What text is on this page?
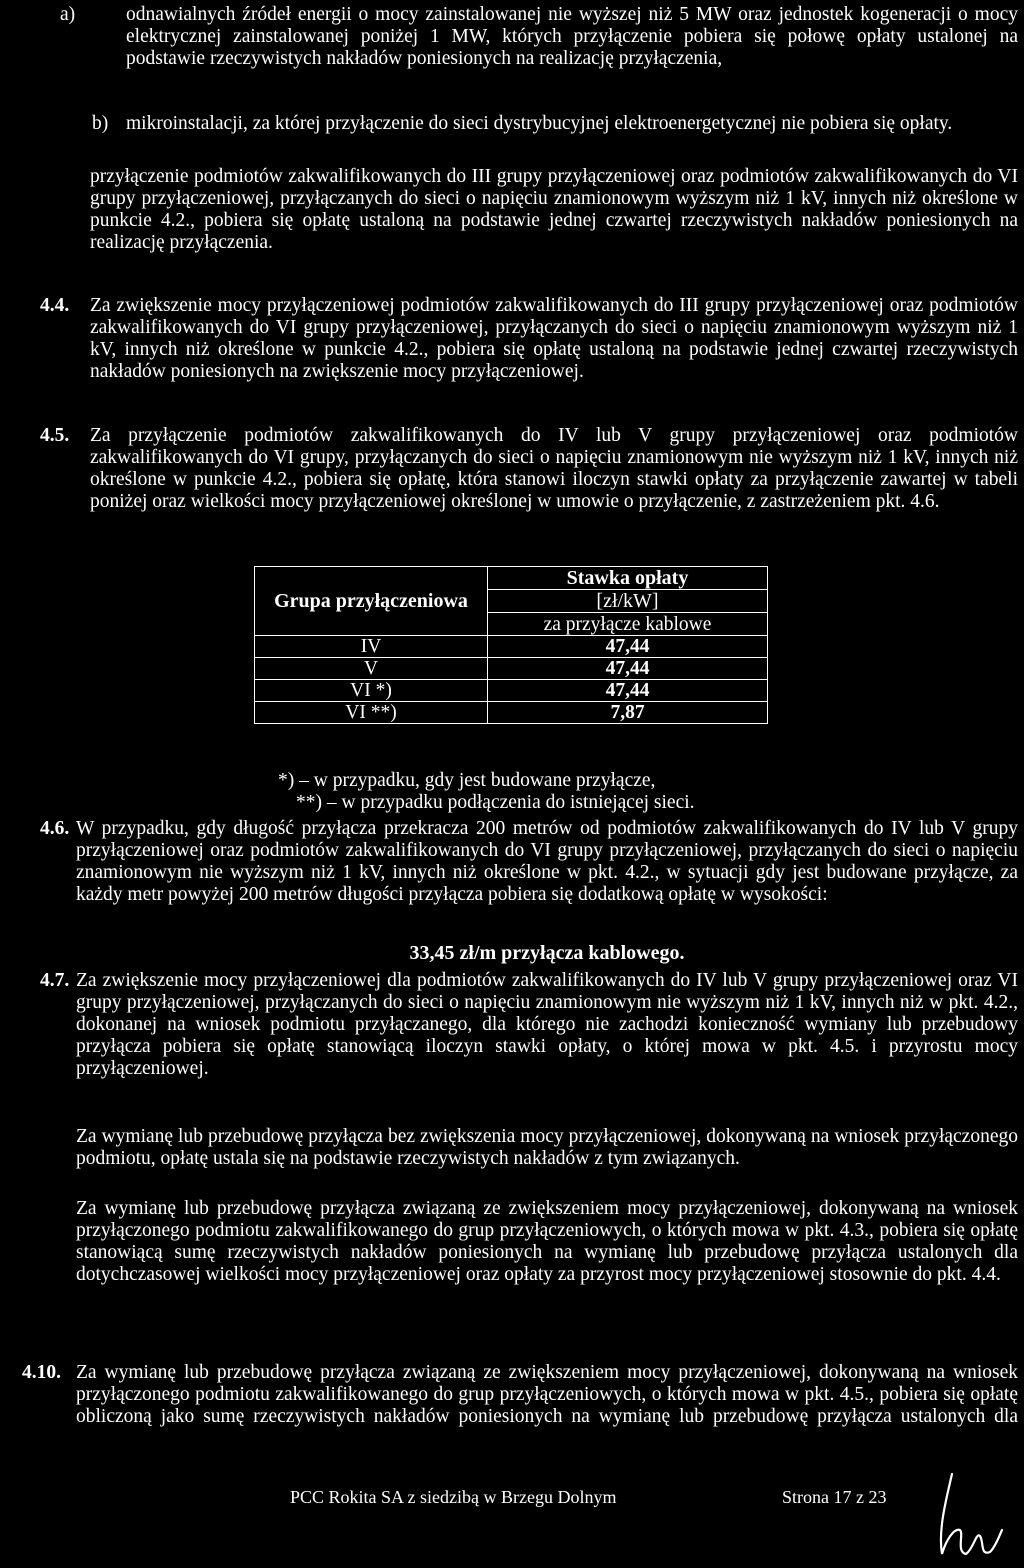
a)	odnawialnych źródeł energii o mocy zainstalowanej nie wyższej niż 5 MW oraz jednostek kogeneracji o mocy elektrycznej zainstalowanej poniżej 1 MW, których przyłączenie pobiera się połowę opłaty ustalonej na podstawie rzeczywistych nakładów poniesionych na realizację przyłączenia,
b) mikroinstalacji, za której przyłączenie do sieci dystrybucyjnej elektroenergetycznej nie pobiera się opłaty.
przyłączenie podmiotów zakwalifikowanych do III grupy przyłączeniowej oraz podmiotów zakwalifikowanych do VI grupy przyłączeniowej, przyłączanych do sieci o napięciu znamionowym wyższym niż 1 kV, innych niż określone w punkcie 4.2., pobiera się opłatę ustaloną na podstawie jednej czwartej rzeczywistych nakładów poniesionych na realizację przyłączenia.
4.4. Za zwiększenie mocy przyłączeniowej podmiotów zakwalifikowanych do III grupy przyłączeniowej oraz podmiotów zakwalifikowanych do VI grupy przyłączeniowej, przyłączanych do sieci o napięciu znamionowym wyższym niż 1 kV, innych niż określone w punkcie 4.2., pobiera się opłatę ustaloną na podstawie jednej czwartej rzeczywistych nakładów poniesionych na zwiększenie mocy przyłączeniowej.
4.5. Za przyłączenie podmiotów zakwalifikowanych do IV lub V grupy przyłączeniowej oraz podmiotów zakwalifikowanych do VI grupy, przyłączanych do sieci o napięciu znamionowym nie wyższym niż 1 kV, innych niż określone w punkcie 4.2., pobiera się opłatę, która stanowi iloczyn stawki opłaty za przyłączenie zawartej w tabeli poniżej oraz wielkości mocy przyłączeniowej określonej w umowie o przyłączenie, z zastrzeżeniem pkt. 4.6.
Grupa przyłączeniowa	Stawka opłaty

	[zł/kW]
	za przyłącze kablowe
IV	47,44
V	47,44
VI *)	47,44
VI **)	7,87
*) – w przypadku, gdy jest budowane przyłącze,
**) – w przypadku podłączenia do istniejącej sieci.
4.6. W przypadku, gdy długość przyłącza przekracza 200 metrów od podmiotów zakwalifikowanych do IV lub V grupy przyłączeniowej oraz podmiotów zakwalifikowanych do VI grupy przyłączeniowej, przyłączanych do sieci o napięciu znamionowym nie wyższym niż 1 kV, innych niż określone w pkt. 4.2., w sytuacji gdy jest budowane przyłącze, za każdy metr powyżej 200 metrów długości przyłącza pobiera się dodatkową opłatę w wysokości:
33,45 zł/m przyłącza kablowego.
4.7. Za zwiększenie mocy przyłączeniowej dla podmiotów zakwalifikowanych do IV lub V grupy przyłączeniowej oraz VI grupy przyłączeniowej, przyłączanych do sieci o napięciu znamionowym nie wyższym niż 1 kV, innych niż w pkt. 4.2., dokonanej na wniosek podmiotu przyłączanego, dla którego nie zachodzi konieczność wymiany lub przebudowy przyłącza pobiera się opłatę stanowiącą iloczyn stawki opłaty, o której mowa w pkt. 4.5. i przyrostu mocy przyłączeniowej.
Za wymianę lub przebudowę przyłącza bez zwiększenia mocy przyłączeniowej, dokonywaną na wniosek przyłączonego podmiotu, opłatę ustala się na podstawie rzeczywistych nakładów z tym związanych.
Za wymianę lub przebudowę przyłącza związaną ze zwiększeniem mocy przyłączeniowej, dokonywaną na wniosek przyłączonego podmiotu zakwalifikowanego do grup przyłączeniowych, o których mowa w pkt. 4.3., pobiera się opłatę stanowiącą sumę rzeczywistych nakładów poniesionych na wymianę lub przebudowę przyłącza ustalonych dla dotychczasowej wielkości mocy przyłączeniowej oraz opłaty za przyrost mocy przyłączeniowej stosownie do pkt. 4.4.
4.10. Za wymianę lub przebudowę przyłącza związaną ze zwiększeniem mocy przyłączeniowej, dokonywaną na wniosek przyłączonego podmiotu zakwalifikowanego do grup przyłączeniowych, o których mowa w pkt. 4.5., pobiera się opłatę obliczoną jako sumę rzeczywistych nakładów poniesionych na wymianę lub przebudowę przyłącza ustalonych dla
PCC Rokita SA z siedzibą w Brzegu Dolnym	Strona 17 z 23
